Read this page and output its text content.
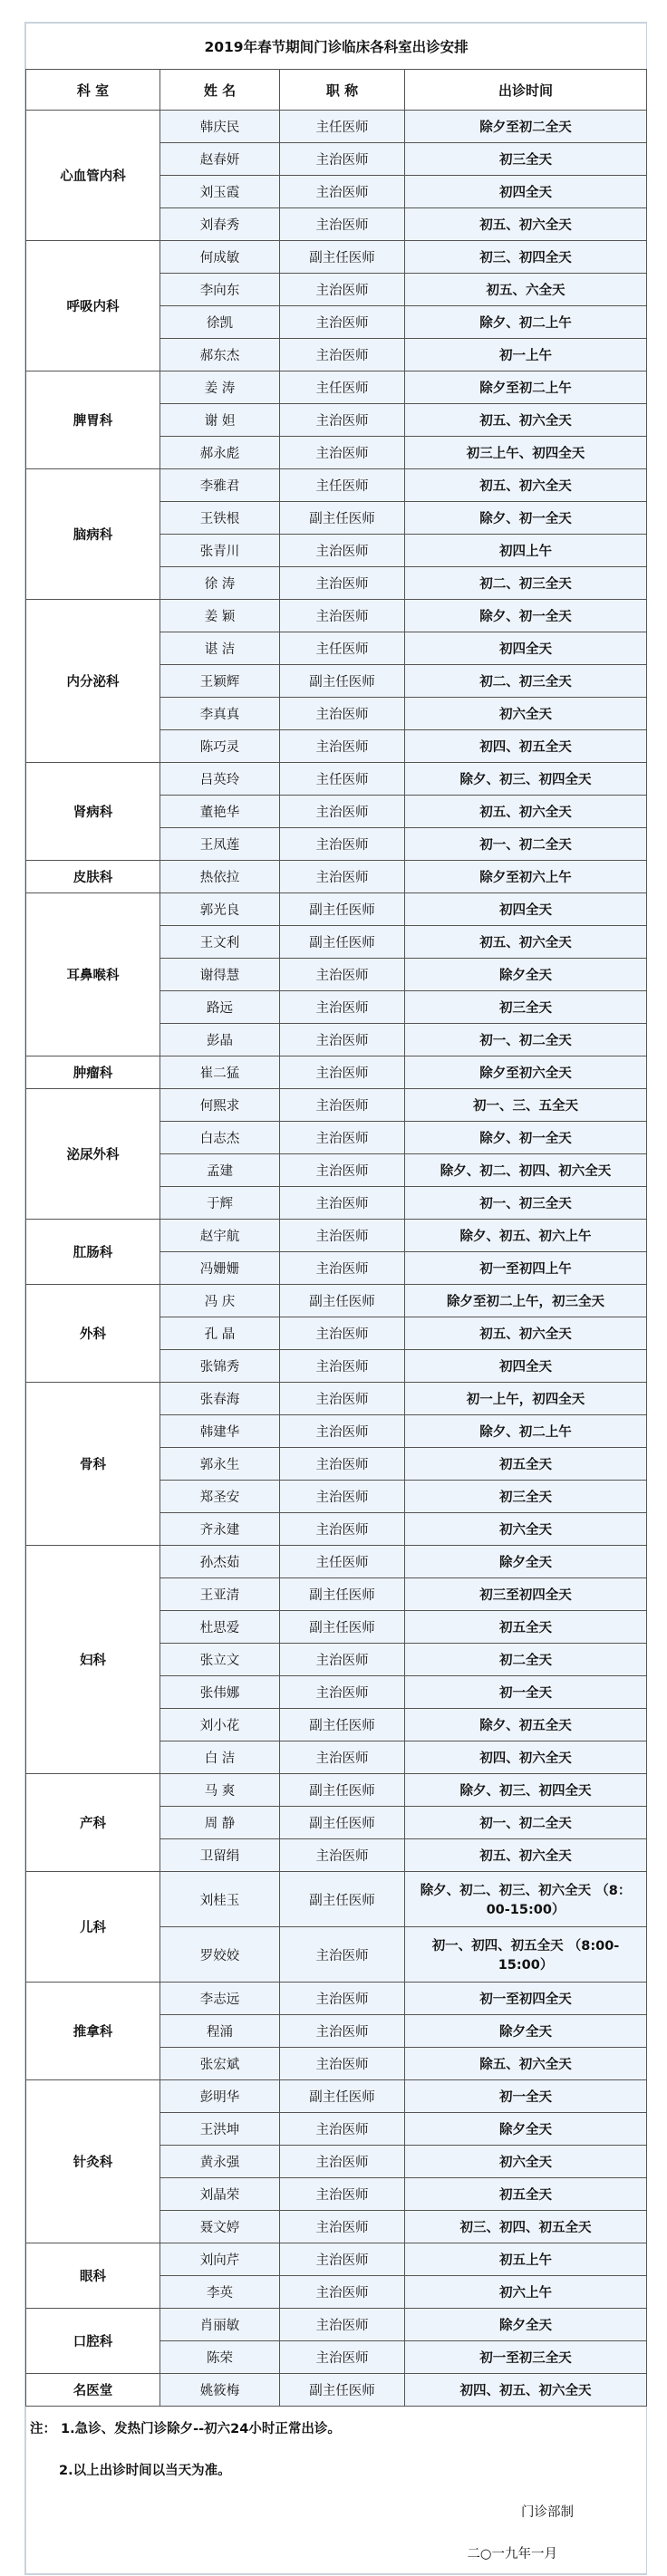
2019年春节期间门诊临床各科室出诊安排			
科 室	姓 名	职 称	出诊时间
心血管内科	韩庆民	主任医师	除夕至初二全天
	赵春妍	主治医师	初三全天
	刘玉霞	主治医师	初四全天
	刘春秀	主治医师	初五、初六全天
呼吸内科	何成敏	副主任医师	初三、初四全天
	李向东	主治医师	初五、六全天
	徐凯	主治医师	除夕、初二上午
	郝东杰	主治医师	初一上午
脾胃科	姜 涛	主任医师	除夕至初二上午
	谢 妲	主治医师	初五、初六全天
	郝永彪	主治医师	初三上午、初四全天
脑病科	李雅君	主任医师	初五、初六全天
	王铁根	副主任医师	除夕、初一全天
	张青川	主治医师	初四上午
	徐 涛	主治医师	初二、初三全天
内分泌科	姜 颖	主治医师	除夕、初一全天
	谌 洁	主任医师	初四全天
	王颖辉	副主任医师	初二、初三全天
	李真真	主治医师	初六全天
	陈巧灵	主治医师	初四、初五全天
肾病科	吕英玲	主任医师	除夕、初三、初四全天
	董艳华	主治医师	初五、初六全天
	王凤莲	主治医师	初一、初二全天
皮肤科	热依拉	主治医师	除夕至初六上午
耳鼻喉科	郭光良	副主任医师	初四全天
	王文利	副主任医师	初五、初六全天
	谢得慧	主治医师	除夕全天
	路远	主治医师	初三全天
	彭晶	主治医师	初一、初二全天
肿瘤科	崔二猛	主治医师	除夕至初六全天
泌尿外科	何熙求	主治医师	初一、三、五全天
	白志杰	主治医师	除夕、初一全天
	孟建	主治医师	除夕、初二、初四、初六全天
	于辉	主治医师	初一、初三全天
肛肠科	赵宇航	主治医师	除夕、初五、初六上午
	冯姗姗	主治医师	初一至初四上午
外科	冯 庆	副主任医师	除夕至初二上午，初三全天
	孔 晶	主治医师	初五、初六全天
	张锦秀	主治医师	初四全天
骨科	张春海	主治医师	初一上午，初四全天
	韩建华	主治医师	除夕、初二上午
	郭永生	主治医师	初五全天
	郑圣安	主治医师	初三全天
	齐永建	主治医师	初六全天
妇科	孙杰茹	主任医师	除夕全天
	王亚清	副主任医师	初三至初四全天
	杜思爱	副主任医师	初五全天
	张立文	主治医师	初二全天
	张伟娜	主治医师	初一全天
	刘小花	副主任医师	除夕、初五全天
	白 洁	主治医师	初四、初六全天
产科	马 爽	副主任医师	除夕、初三、初四全天
	周 静	副主任医师	初一、初二全天
	卫留绢	主治医师	初五、初六全天
儿科	刘桂玉	副主任医师	除夕、初二、初三、初六全天 （8：00-15:00）
	罗姣姣	主治医师	初一、初四、初五全天 （8:00-15:00）
推拿科	李志远	主治医师	初一至初四全天
	程涌	主治医师	除夕全天
	张宏斌	主治医师	除五、初六全天
针灸科	彭明华	副主任医师	初一全天
	王洪坤	主治医师	除夕全天
	黄永强	主治医师	初六全天
	刘晶荣	主治医师	初五全天
	聂文婷	主治医师	初三、初四、初五全天
眼科	刘向芹	主治医师	初五上午
	李英	主治医师	初六上午
口腔科	肖丽敏	主治医师	除夕全天
	陈荣	主治医师	初一至初三全天
名医堂	姚筱梅	副主任医师	初四、初五、初六全天
注： 1.急诊、发热门诊除夕--初六24小时正常出诊。			
2.以上出诊时间以当天为准。			
门诊部制			
二○一九年一月			
